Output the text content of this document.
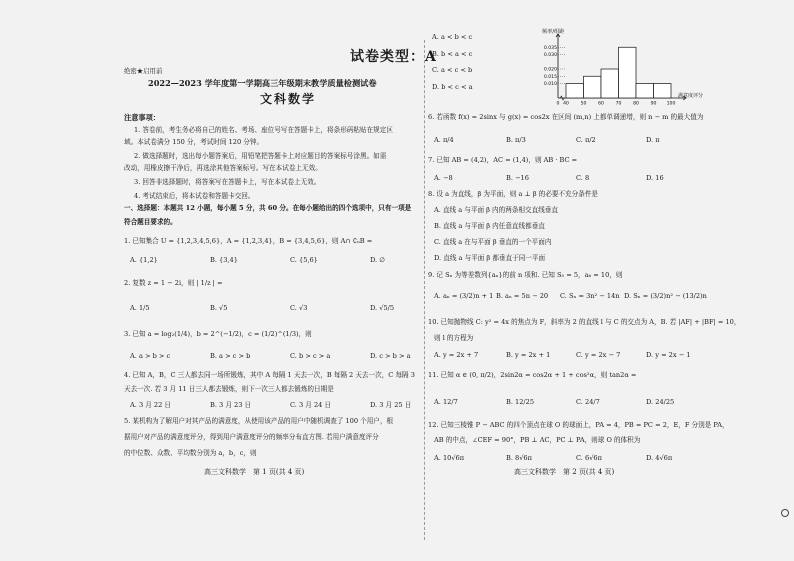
试卷类型：A
绝密★启用前
2022—2023 学年度第一学期高三年级期末教学质量检测试卷
文科数学
注意事项：
1. 答卷前，考生务必将自己的姓名、考场、座位号写在答题卡上，将条形码粘贴在规定区
域。本试卷满分 150 分，考试时间 120 分钟。
2. 做选择题时，选出每小题答案后，用铅笔把答题卡上对应题目的答案标号涂黑。如需
改动，用橡皮擦干净后，再选涂其他答案标号。写在本试卷上无效。
3. 回答非选择题时，将答案写在答题卡上，写在本试卷上无效。
4. 考试结束后，将本试卷和答题卡交回。
一、选择题：本题共 12 小题，每小题 5 分，共 60 分。在每小题给出的四个选项中，只有一项是
符合题目要求的。
1. 已知集合 U = {1,2,3,4,5,6}，A = {1,2,3,4}，B = {3,4,5,6}，则 A∩ ∁ᵤB =
A. {1,2}	B. {3,4}	C. {5,6}	D. ∅
2. 复数 z = 1 − 2i，则 | 1/z | =
A. 1/5	B. √5	C. √3	D. √5/5
3. 已知 a = log₂(1/4)，b = 2^(−1/2)，c = (1/2)^(1/3)，则
A. a > b > c	B. a > c > b	C. b > c > a	D. c > b > a
4. 已知 A，B，C 三人都去同一场所锻炼，其中 A 每隔 1 天去一次，B 每隔 2 天去一次，C 每隔 3
天去一次. 若 3 月 11 日三人都去锻炼，则下一次三人都去锻炼的日期是
A. 3 月 22 日	B. 3 月 23 日	C. 3 月 24 日	D. 3 月 25 日
5. 某机构为了解用户对其产品的满意度，从使用该产品的用户中随机调查了 100 个用户，根
据用户对产品的满意度评分，得到用户满意度评分的频率分布直方图. 若用户满意度评分
的中位数、众数、平均数分别为 a，b，c，则
高三文科数学　第 1 页(共 4 页)
A. a < b < c
B. b < a < c
C. a < c < b
D. b < c < a
频率/组距
满意度评分
0.035
0.030
0.020
0.015
0.010
0 40	50	60	70	80	90 100
6. 若函数 f(x) = 2sinx 与 g(x) = cos2x 在区间 (m,n) 上都单调递增，则 n − m 的最大值为
A. π/4	B. π/3	C. π/2	D. π
7. 已知 AB = (4,2)，AC = (1,4)，则 AB · BC =
A. −8	B. −16	C. 8	D. 16
8. 设 a 为直线，β 为平面，则 a ⊥ β 的必要不充分条件是
A. 直线 a 与平面 β 内的两条相交直线垂直
B. 直线 a 与平面 β 内任意直线都垂直
C. 直线 a 在与平面 β 垂直的一个平面内
D. 直线 a 与平面 β 都垂直于同一平面
9. 记 Sₙ 为等差数列{aₙ}的前 n 项和. 已知 S₅ = 5，a₆ = 10，则
A. aₙ = (3/2)n + 1 B. aₙ = 5n − 20 C. Sₙ = 3n² − 14n D. Sₙ = (3/2)n² − (13/2)n
10. 已知抛物线 C: y² = 4x 的焦点为 F，斜率为 2 的直线 l 与 C 的交点为 A，B. 若 |AF| + |BF| = 10，
则 l 的方程为
A. y = 2x + 7	B. y = 2x + 1	C. y = 2x − 7	D. y = 2x − 1
11. 已知 α ∈ (0, π/2)，2sin2α = cos2α + 1 + cos²α，则 tan2α =
A. 12/7	B. 12/25	C. 24/7	D. 24/25
12. 已知三棱锥 P − ABC 的四个顶点在球 O 的球面上，PA = 4，PB = PC = 2，E，F 分别是 PA，
AB 的中点，∠CEF = 90°，PB ⊥ AC，PC ⊥ PA，则球 O 的体积为
A. 10√6π	B. 8√6π	C. 6√6π	D. 4√6π
高三文科数学　第 2 页(共 4 页)
